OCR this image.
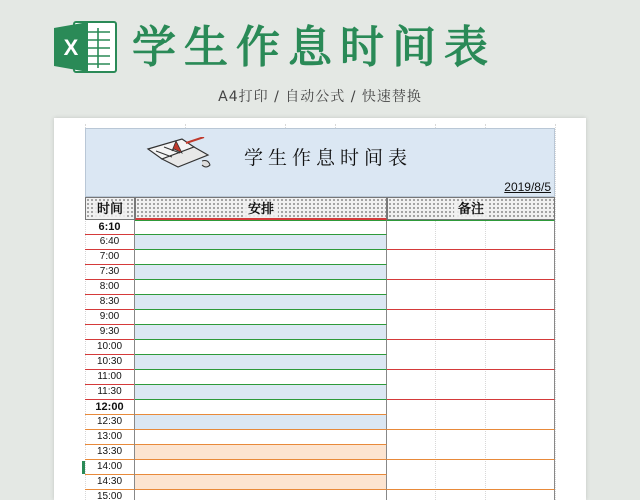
X 学生作息时间表
A4打印 / 自动公式 / 快速替换
学生作息时间表
2019/8/5
时间	安排	备注
6:10
6:40
7:00
7:30
8:00
8:30
9:00
9:30
10:00
10:30
11:00
11:30
12:00
12:30
13:00
13:30
14:00
14:30
15:00
